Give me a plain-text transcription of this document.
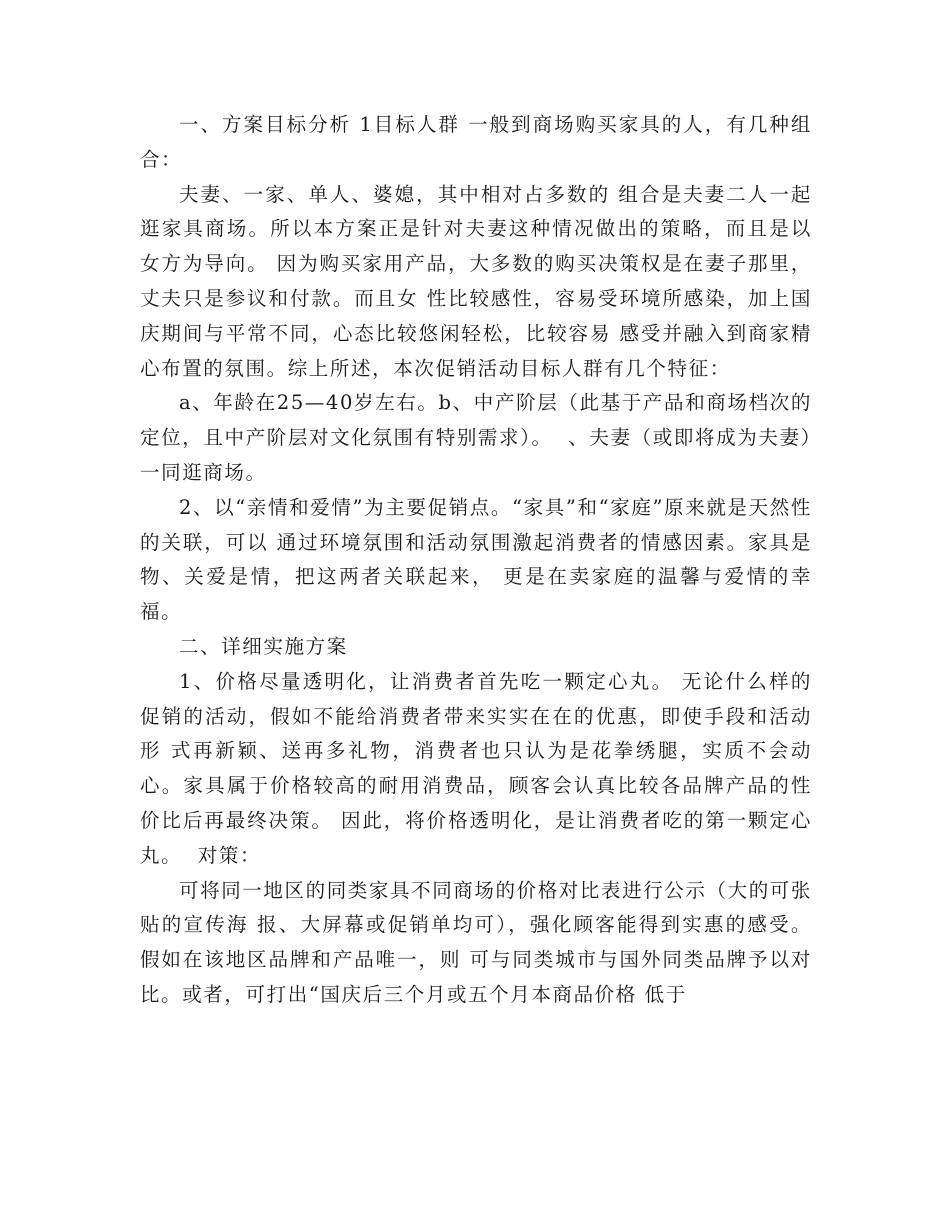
一、方案目标分析 1目标人群 一般到商场购买家具的人，有几种组合：

夫妻、一家、单人、婆媳，其中相对占多数的 组合是夫妻二人一起逛家具商场。所以本方案正是针对夫妻这种情况做出的策略，而且是以 女方为导向。 因为购买家用产品，大多数的购买决策权是在妻子那里，丈夫只是参议和付款。而且女 性比较感性，容易受环境所感染，加上国庆期间与平常不同，心态比较悠闲轻松，比较容易 感受并融入到商家精心布置的氛围。综上所述，本次促销活动目标人群有几个特征：

a、年龄在25—40岁左右。b、中产阶层（此基于产品和商场档次的定位，且中产阶层对文化氛围有特别需求）。  、夫妻（或即将成为夫妻）一同逛商场。

2、以“亲情和爱情”为主要促销点。“家具”和“家庭”原来就是天然性的关联，可以 通过环境氛围和活动氛围激起消费者的情感因素。家具是物、关爱是情，把这两者关联起来， 更是在卖家庭的温馨与爱情的幸福。

二、详细实施方案

1、价格尽量透明化，让消费者首先吃一颗定心丸。 无论什么样的促销的活动，假如不能给消费者带来实实在在的优惠，即使手段和活动形 式再新颖、送再多礼物，消费者也只认为是花拳绣腿，实质不会动心。家具属于价格较高的耐用消费品，顾客会认真比较各品牌产品的性价比后再最终决策。 因此，将价格透明化，是让消费者吃的第一颗定心丸。  对策：

可将同一地区的同类家具不同商场的价格对比表进行公示（大的可张贴的宣传海 报、大屏幕或促销单均可），强化顾客能得到实惠的感受。假如在该地区品牌和产品唯一，则 可与同类城市与国外同类品牌予以对比。或者，可打出“国庆后三个月或五个月本商品价格 低于
